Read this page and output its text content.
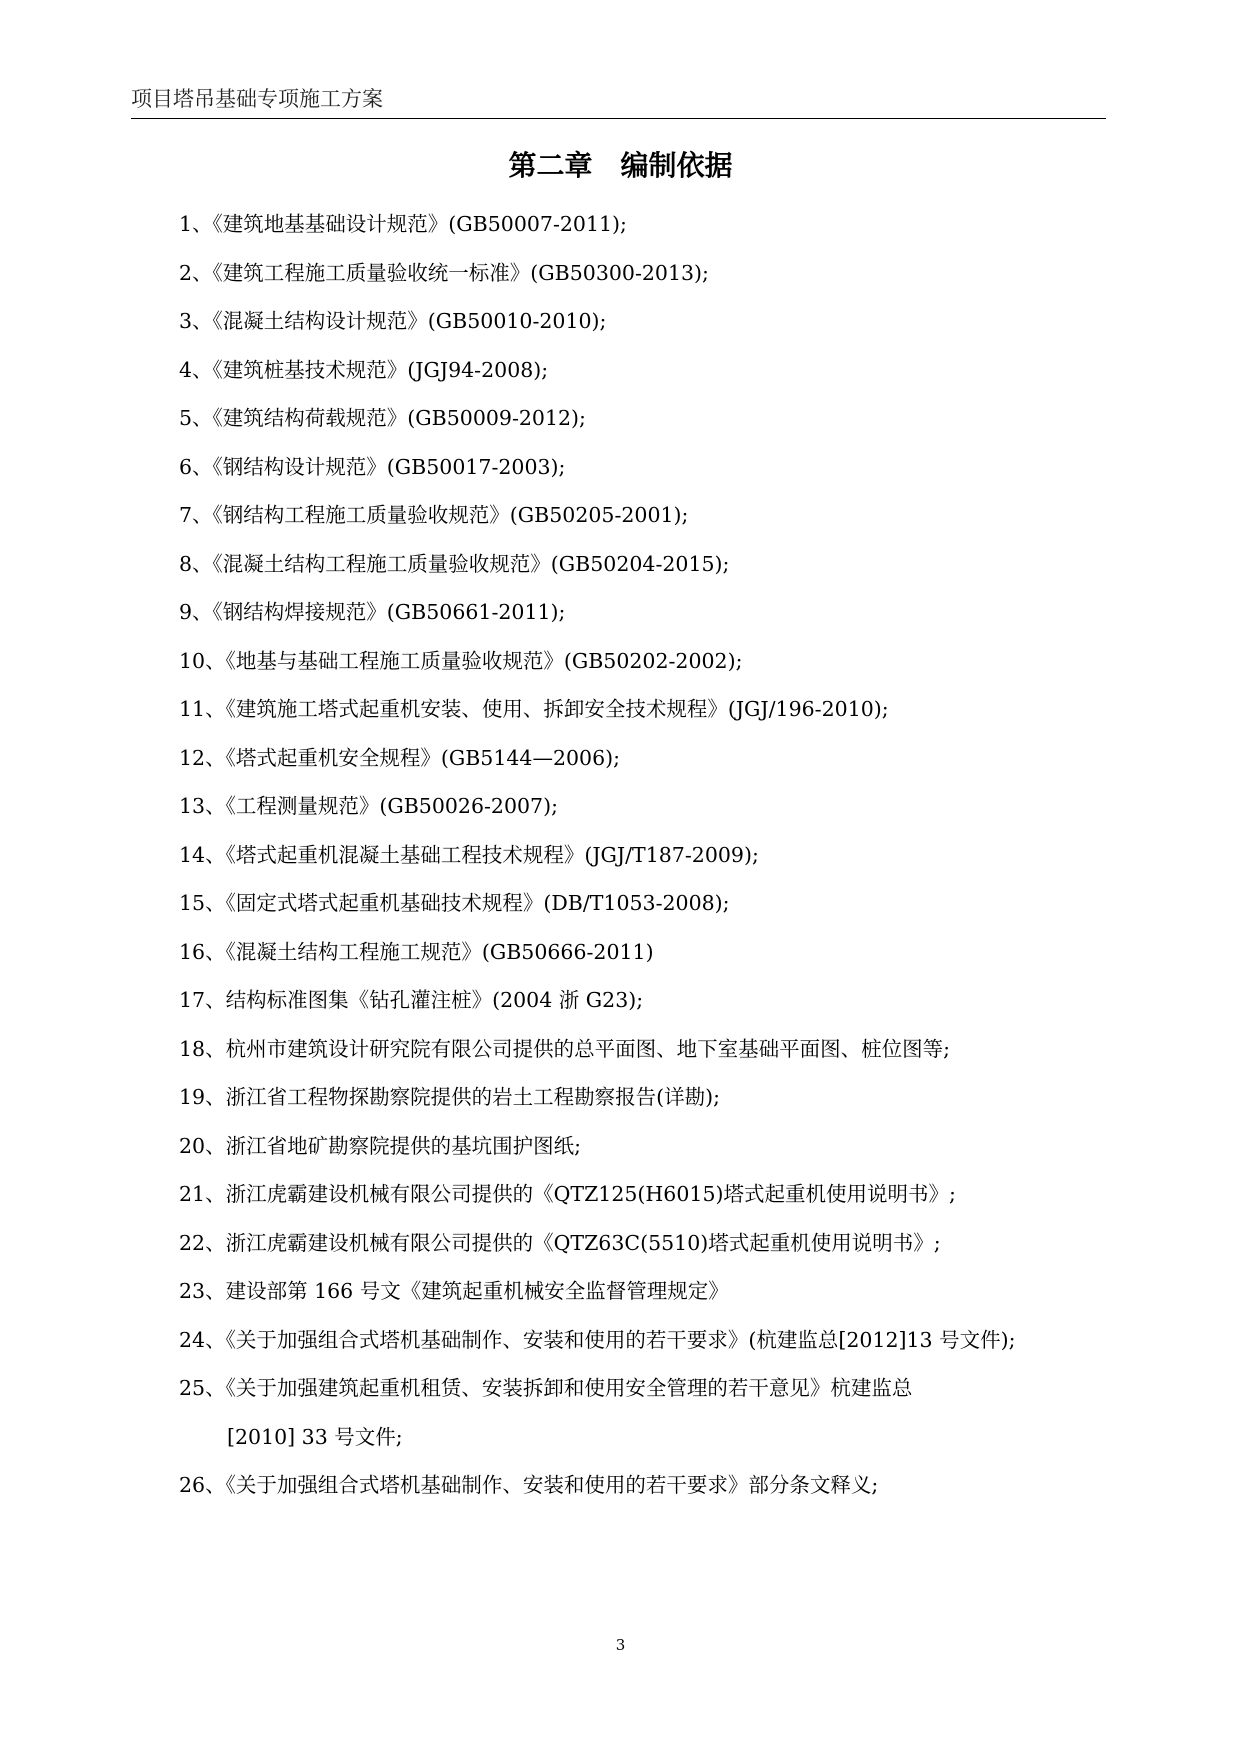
项目塔吊基础专项施工方案
第二章　编制依据
1、《建筑地基基础设计规范》(GB50007-2011);
2、《建筑工程施工质量验收统一标准》(GB50300-2013);
3、《混凝土结构设计规范》(GB50010-2010);
4、《建筑桩基技术规范》(JGJ94-2008);
5、《建筑结构荷载规范》(GB50009-2012);
6、《钢结构设计规范》(GB50017-2003);
7、《钢结构工程施工质量验收规范》(GB50205-2001);
8、《混凝土结构工程施工质量验收规范》(GB50204-2015);
9、《钢结构焊接规范》(GB50661-2011);
10、《地基与基础工程施工质量验收规范》(GB50202-2002);
11、《建筑施工塔式起重机安装、使用、拆卸安全技术规程》(JGJ/196-2010);
12、《塔式起重机安全规程》(GB5144—2006);
13、《工程测量规范》(GB50026-2007);
14、《塔式起重机混凝土基础工程技术规程》(JGJ/T187-2009);
15、《固定式塔式起重机基础技术规程》(DB/T1053-2008);
16、《混凝土结构工程施工规范》(GB50666-2011)
17、结构标准图集《钻孔灌注桩》(2004 浙 G23);
18、杭州市建筑设计研究院有限公司提供的总平面图、地下室基础平面图、桩位图等;
19、浙江省工程物探勘察院提供的岩土工程勘察报告(详勘);
20、浙江省地矿勘察院提供的基坑围护图纸;
21、浙江虎霸建设机械有限公司提供的《QTZ125(H6015)塔式起重机使用说明书》;
22、浙江虎霸建设机械有限公司提供的《QTZ63C(5510)塔式起重机使用说明书》;
23、建设部第 166 号文《建筑起重机械安全监督管理规定》
24、《关于加强组合式塔机基础制作、安装和使用的若干要求》(杭建监总[2012]13 号文件);
25、《关于加强建筑起重机租赁、安装拆卸和使用安全管理的若干意见》杭建监总
[2010] 33 号文件;
26、《关于加强组合式塔机基础制作、安装和使用的若干要求》部分条文释义;
3
